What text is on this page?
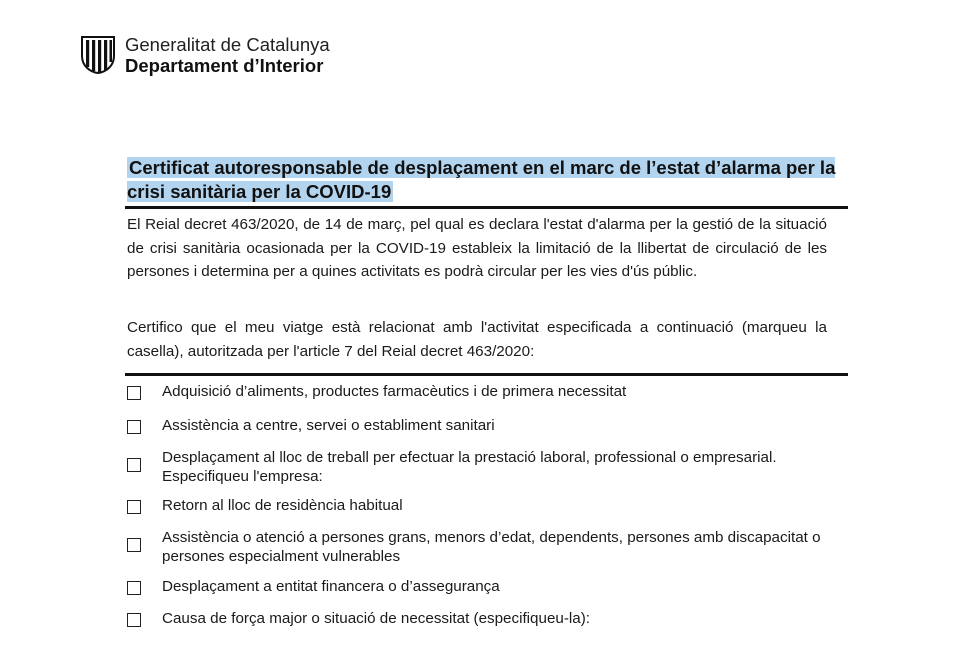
Generalitat de Catalunya
Departament d’Interior
Certificat autoresponsable de desplaçament en el marc de l’estat d’alarma per la crisi sanitària per la COVID-19

El Reial decret 463/2020, de 14 de març, pel qual es declara l'estat d'alarma per la gestió de la situació de crisi sanitària ocasionada per la COVID-19 estableix la limitació de la llibertat de circulació de les persones i determina per a quines activitats es podrà circular per les vies d'ús públic.

Certifico que el meu viatge està relacionat amb l'activitat especificada a continuació (marqueu la casella), autoritzada per l'article 7 del Reial decret 463/2020:

Adquisició d’aliments, productes farmacèutics i de primera necessitat
Assistència a centre, servei o establiment sanitari
Desplaçament al lloc de treball per efectuar la prestació laboral, professional o empresarial. Especifiqueu l'empresa:
Retorn al lloc de residència habitual
Assistència o atenció a persones grans, menors d’edat, dependents, persones amb discapacitat o persones especialment vulnerables
Desplaçament a entitat financera o d’assegurança
Causa de força major o situació de necessitat (especifiqueu-la):
